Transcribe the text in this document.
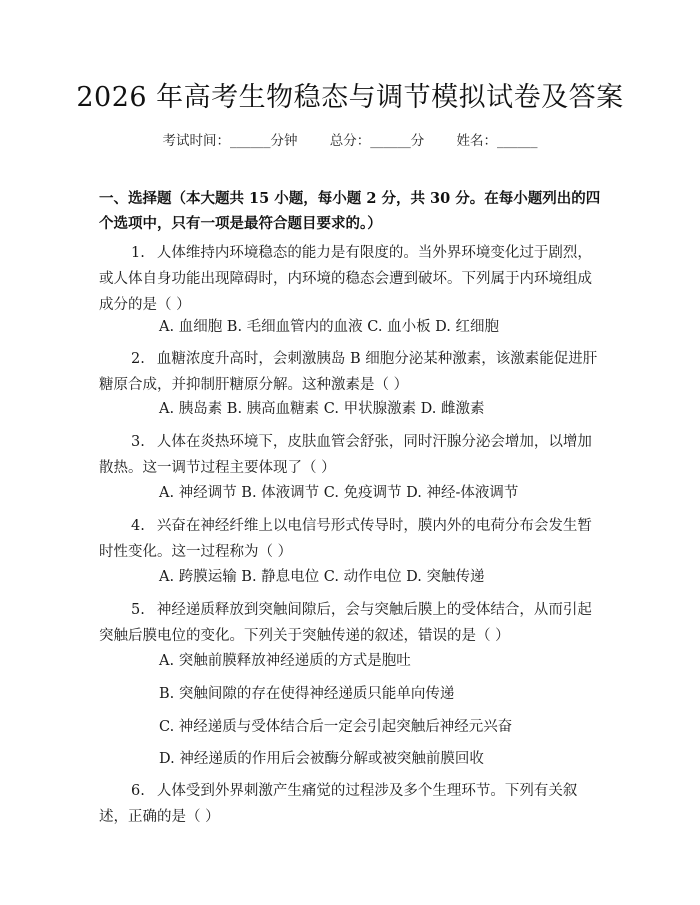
2026 年高考生物稳态与调节模拟试卷及答案
考试时间：______分钟 总分：______分 姓名：______
一、选择题（本大题共 15 小题，每小题 2 分，共 30 分。在每小题列出的四个选项中，只有一项是最符合题目要求的。）
1. 人体维持内环境稳态的能力是有限度的。当外界环境变化过于剧烈，或人体自身功能出现障碍时，内环境的稳态会遭到破坏。下列属于内环境组成成分的是（ ）
A. 血细胞 B. 毛细血管内的血液 C. 血小板 D. 红细胞
2. 血糖浓度升高时，会刺激胰岛 B 细胞分泌某种激素，该激素能促进肝糖原合成，并抑制肝糖原分解。这种激素是（ ）
A. 胰岛素 B. 胰高血糖素 C. 甲状腺激素 D. 雌激素
3. 人体在炎热环境下，皮肤血管会舒张，同时汗腺分泌会增加，以增加散热。这一调节过程主要体现了（ ）
A. 神经调节 B. 体液调节 C. 免疫调节 D. 神经-体液调节
4. 兴奋在神经纤维上以电信号形式传导时，膜内外的电荷分布会发生暂时性变化。这一过程称为（ ）
A. 跨膜运输 B. 静息电位 C. 动作电位 D. 突触传递
5. 神经递质释放到突触间隙后，会与突触后膜上的受体结合，从而引起突触后膜电位的变化。下列关于突触传递的叙述，错误的是（ ）
A. 突触前膜释放神经递质的方式是胞吐
B. 突触间隙的存在使得神经递质只能单向传递
C. 神经递质与受体结合后一定会引起突触后神经元兴奋
D. 神经递质的作用后会被酶分解或被突触前膜回收
6. 人体受到外界刺激产生痛觉的过程涉及多个生理环节。下列有关叙述，正确的是（ ）
